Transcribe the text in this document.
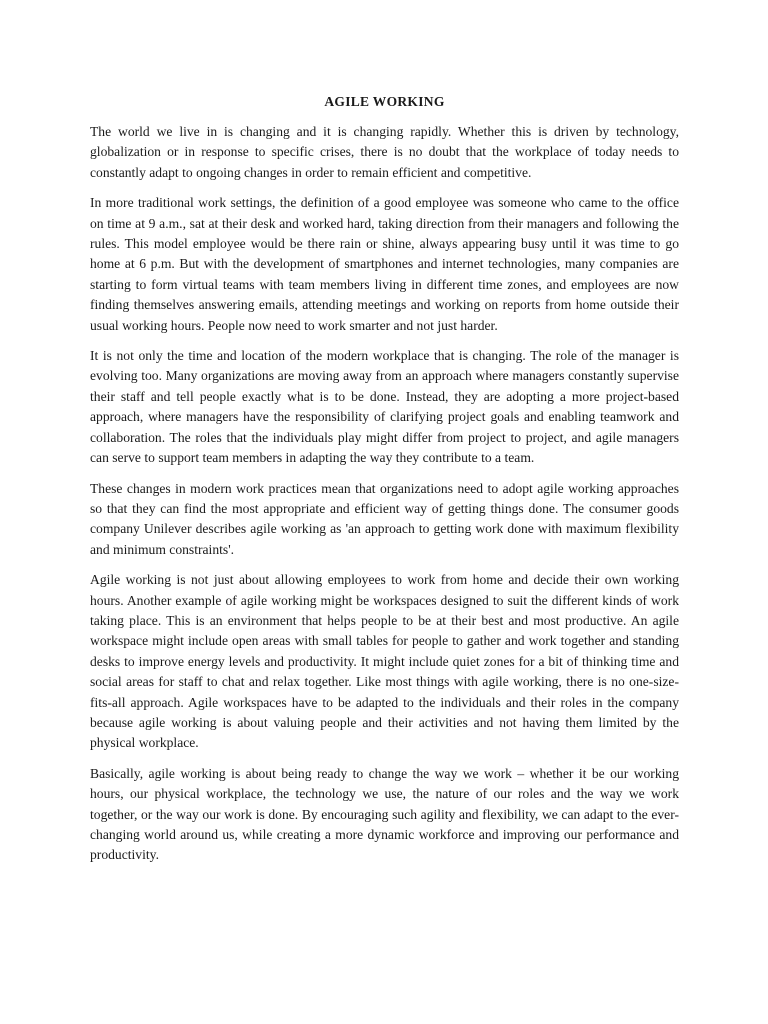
AGILE WORKING

The world we live in is changing and it is changing rapidly. Whether this is driven by technology, globalization or in response to specific crises, there is no doubt that the workplace of today needs to constantly adapt to ongoing changes in order to remain efficient and competitive.

In more traditional work settings, the definition of a good employee was someone who came to the office on time at 9 a.m., sat at their desk and worked hard, taking direction from their managers and following the rules. This model employee would be there rain or shine, always appearing busy until it was time to go home at 6 p.m. But with the development of smartphones and internet technologies, many companies are starting to form virtual teams with team members living in different time zones, and employees are now finding themselves answering emails, attending meetings and working on reports from home outside their usual working hours. People now need to work smarter and not just harder.

It is not only the time and location of the modern workplace that is changing. The role of the manager is evolving too. Many organizations are moving away from an approach where managers constantly supervise their staff and tell people exactly what is to be done. Instead, they are adopting a more project-based approach, where managers have the responsibility of clarifying project goals and enabling teamwork and collaboration. The roles that the individuals play might differ from project to project, and agile managers can serve to support team members in adapting the way they contribute to a team.

These changes in modern work practices mean that organizations need to adopt agile working approaches so that they can find the most appropriate and efficient way of getting things done. The consumer goods company Unilever describes agile working as 'an approach to getting work done with maximum flexibility and minimum constraints'.

Agile working is not just about allowing employees to work from home and decide their own working hours. Another example of agile working might be workspaces designed to suit the different kinds of work taking place. This is an environment that helps people to be at their best and most productive. An agile workspace might include open areas with small tables for people to gather and work together and standing desks to improve energy levels and productivity. It might include quiet zones for a bit of thinking time and social areas for staff to chat and relax together. Like most things with agile working, there is no one-size-fits-all approach. Agile workspaces have to be adapted to the individuals and their roles in the company because agile working is about valuing people and their activities and not having them limited by the physical workplace.

Basically, agile working is about being ready to change the way we work – whether it be our working hours, our physical workplace, the technology we use, the nature of our roles and the way we work together, or the way our work is done. By encouraging such agility and flexibility, we can adapt to the ever-changing world around us, while creating a more dynamic workforce and improving our performance and productivity.
